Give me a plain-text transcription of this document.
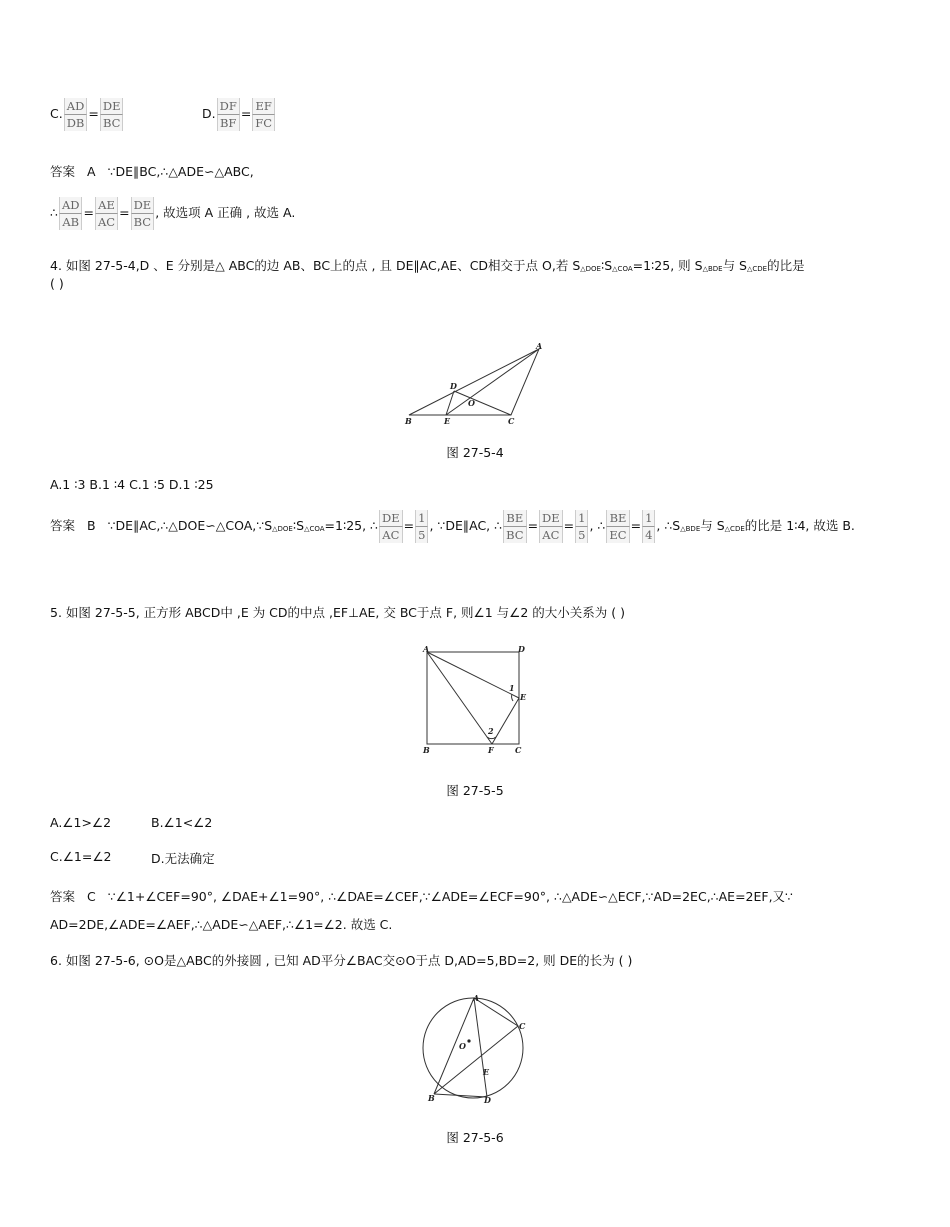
C. $\frac{AD}{DB} = \frac{DE}{BC}$	D. $\frac{DF}{BF} = \frac{EF}{FC}$
答案 A ∵DE∥BC,∴△ADE∽△ABC,
∴ $\frac{AD}{AB} = \frac{AE}{AC} = \frac{DE}{BC}$ , 故选项 A 正确 , 故选 A.
4. 如图 27-5-4,D 、E 分别是△ ABC的边 AB、BC上的点 , 且 DE∥AC,AE、CD相交于点 O,若 S△DOE∶S△COA=1∶25, 则 S△BDE与 S△CDE的比是
( )
A
B	C
D
E
O
图 27-5-4
A.1 ∶3 B.1 ∶4 C.1 ∶5 D.1 ∶25
答案 B ∵DE∥AC,∴△DOE∽△COA,∵S△DOE∶S△COA=1∶25, ∴ $\frac{DE}{AC} = \frac{1}{5}$ , ∵DE∥AC, ∴ $\frac{BE}{BC} = \frac{DE}{AC} = \frac{1}{5}$ , ∴ $\frac{BE}{EC} = \frac{1}{4}$ , ∴S△BDE与 S△CDE的比是 1∶4, 故选 B.
5. 如图 27-5-5, 正方形 ABCD中 ,E 为 CD的中点 ,EF⊥AE, 交 BC于点 F, 则∠1 与∠2 的大小关系为 ( )
A	D
B	C
E
F
1
2
图 27-5-5
A.∠1>∠2	B.∠1<∠2
C.∠1=∠2	D.无法确定
答案 C ∵∠1+∠CEF=90°, ∠DAE+∠1=90°, ∴∠DAE=∠CEF,∵∠ADE=∠ECF=90°, ∴△ADE∽△ECF,∵AD=2EC,∴AE=2EF,又∵
AD=2DE,∠ADE=∠AEF,∴△ADE∽△AEF,∴∠1=∠2. 故选 C.
6. 如图 27-5-6, ⊙O是△ABC的外接圆 , 已知 AD平分∠BAC交⊙O于点 D,AD=5,BD=2, 则 DE的长为 ( )
A
B
C
D
E
O
图 27-5-6
